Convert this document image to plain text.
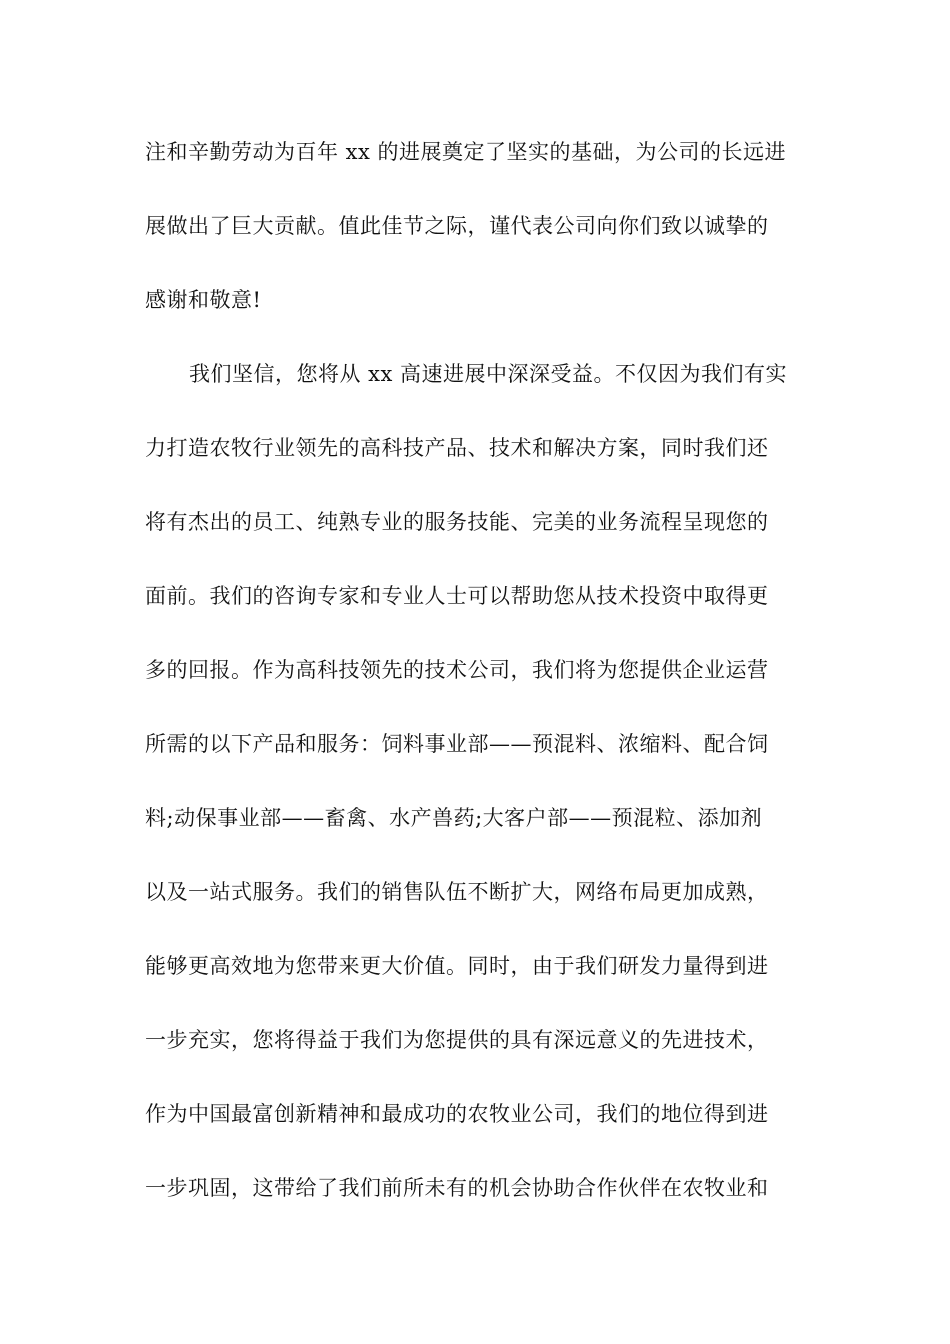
注和辛勤劳动为百年 xx 的进展奠定了坚实的基础，为公司的长远进
展做出了巨大贡献。值此佳节之际，谨代表公司向你们致以诚挚的
感谢和敬意!
我们坚信，您将从 xx 高速进展中深深受益。不仅因为我们有实
力打造农牧行业领先的高科技产品、技术和解决方案，同时我们还
将有杰出的员工、纯熟专业的服务技能、完美的业务流程呈现您的
面前。我们的咨询专家和专业人士可以帮助您从技术投资中取得更
多的回报。作为高科技领先的技术公司，我们将为您提供企业运营
所需的以下产品和服务：饲料事业部——预混料、浓缩料、配合饲
料;动保事业部——畜禽、水产兽药;大客户部——预混粒、添加剂
以及一站式服务。我们的销售队伍不断扩大，网络布局更加成熟，
能够更高效地为您带来更大价值。同时，由于我们研发力量得到进
一步充实，您将得益于我们为您提供的具有深远意义的先进技术，
作为中国最富创新精神和最成功的农牧业公司，我们的地位得到进
一步巩固，这带给了我们前所未有的机会协助合作伙伴在农牧业和
